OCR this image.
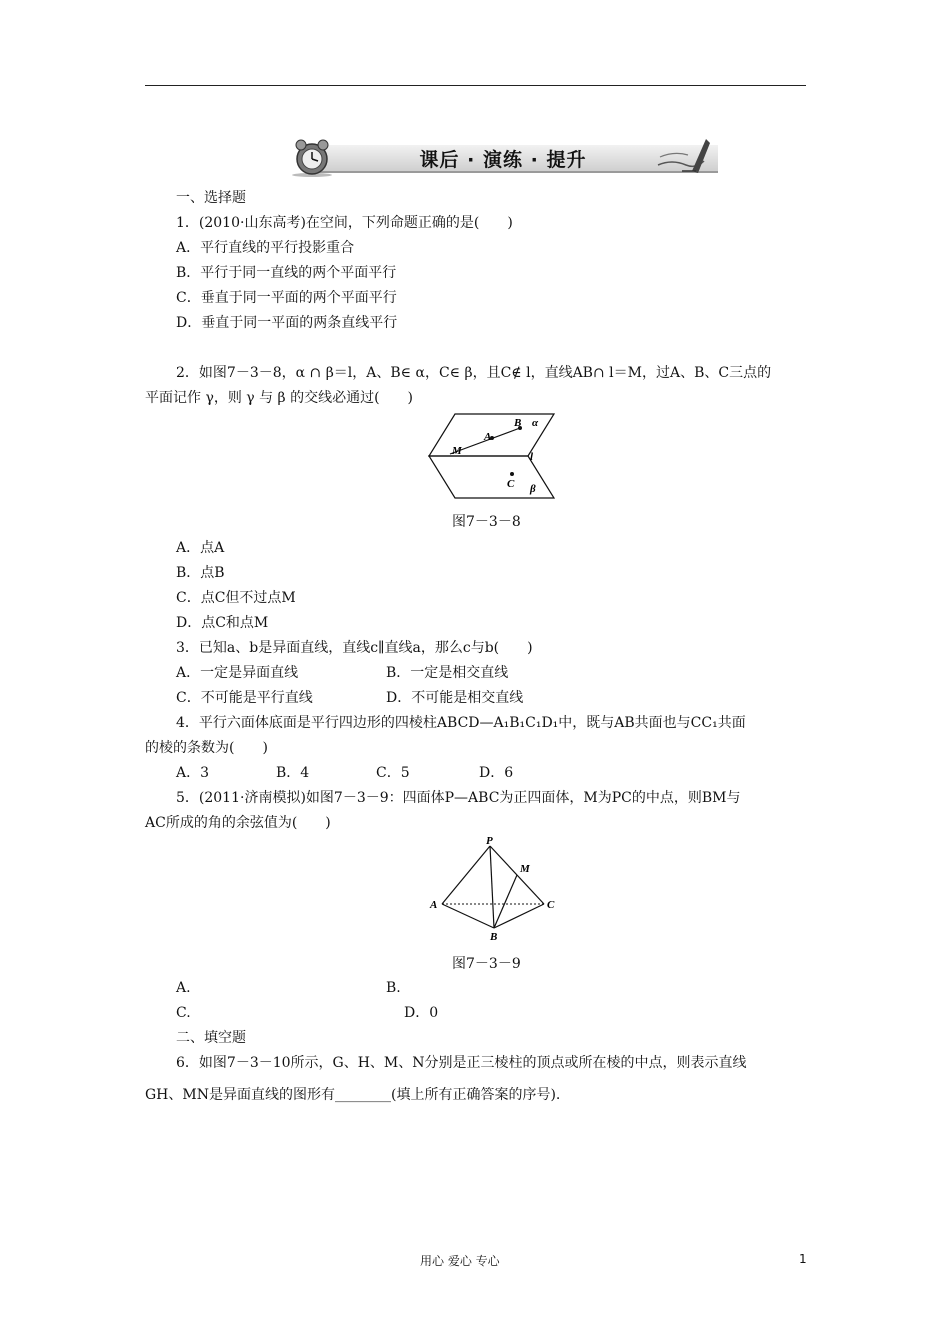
课后 · 演练 · 提升
一、选择题
1．(2010·山东高考)在空间，下列命题正确的是(　　)
A．平行直线的平行投影重合
B．平行于同一直线的两个平面平行
C．垂直于同一平面的两个平面平行
D．垂直于同一平面的两条直线平行
2．如图7－3－8，α ∩ β＝l，A、B∈ α，C∈ β，且C∉ l，直线AB∩ l＝M，过A、B、C三点的
平面记作 γ，则 γ 与 β 的交线必通过(　　)
M
A
B α
l
C β
图7－3－8
A．点A
B．点B
C．点C但不过点M
D．点C和点M
3．已知a、b是异面直线，直线c∥直线a，那么c与b(　　)
A．一定是异面直线	B．一定是相交直线
C．不可能是平行直线	D．不可能是相交直线
4．平行六面体底面是平行四边形的四棱柱ABCD—A₁B₁C₁D₁中，既与AB共面也与CC₁共面
的棱的条数为(　　)
A．3	B．4	C．5	D．6
5．(2011·济南模拟)如图7－3－9：四面体P—ABC为正四面体，M为PC的中点，则BM与
AC所成的角的余弦值为(　　)
P
M
A	C
B
图7－3－9
A.	B.
C.	D．0
二、填空题
6．如图7－3－10所示，G、H、M、N分别是正三棱柱的顶点或所在棱的中点，则表示直线
GH、MN是异面直线的图形有________(填上所有正确答案的序号).
用心 爱心 专心	1
